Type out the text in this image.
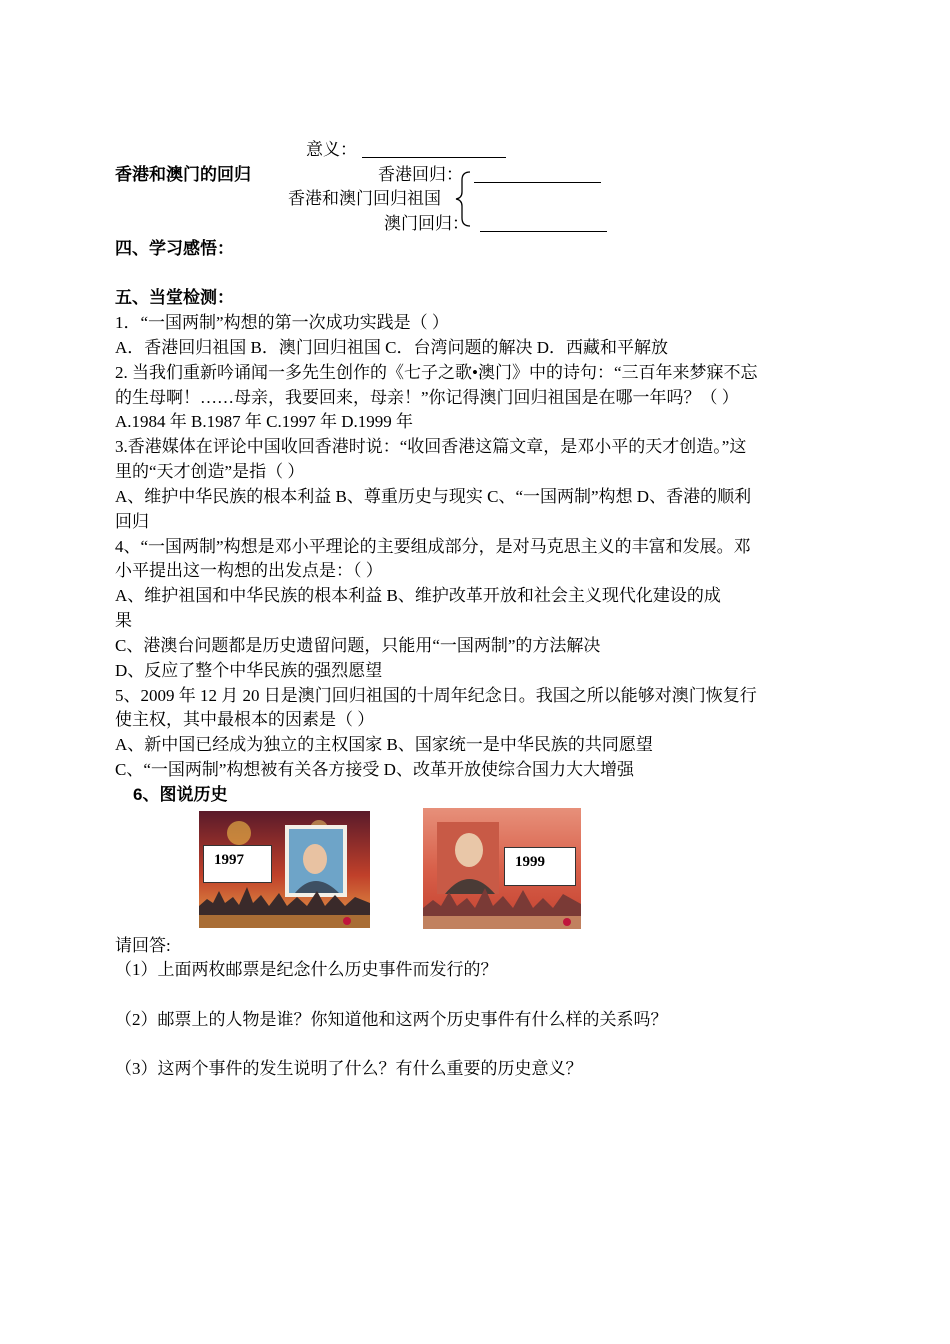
意义：
香港和澳门的回归	香港回归：
香港和澳门回归祖国
澳门回归：
四、学习感悟：
五、当堂检测：
1．“一国两制”构想的第一次成功实践是（ ）
A．香港回归祖国 B．澳门回归祖国 C．台湾问题的解决 D．西藏和平解放
2. 当我们重新吟诵闻一多先生创作的《七子之歌•澳门》中的诗句：“三百年来梦寐不忘
的生母啊！……母亲，我要回来，母亲！”你记得澳门回归祖国是在哪一年吗？（ ）
A.1984 年 B.1987 年 C.1997 年 D.1999 年
3.香港媒体在评论中国收回香港时说：“收回香港这篇文章，是邓小平的天才创造。”这
里的“天才创造”是指（ ）
A、维护中华民族的根本利益 B、尊重历史与现实 C、“一国两制”构想 D、香港的顺利
回归
4、“一国两制”构想是邓小平理论的主要组成部分，是对马克思主义的丰富和发展。邓
小平提出这一构想的出发点是：（ ）
A、维护祖国和中华民族的根本利益 B、维护改革开放和社会主义现代化建设的成
果
C、港澳台问题都是历史遗留问题，只能用“一国两制”的方法解决
D、反应了整个中华民族的强烈愿望
5、2009 年 12 月 20 日是澳门回归祖国的十周年纪念日。我国之所以能够对澳门恢复行
使主权，其中最根本的因素是（ ）
A、新中国已经成为独立的主权国家 B、国家统一是中华民族的共同愿望
C、“一国两制”构想被有关各方接受 D、改革开放使综合国力大大增强
6、图说历史
1997	1999
请回答:
（1）上面两枚邮票是纪念什么历史事件而发行的？
（2）邮票上的人物是谁？你知道他和这两个历史事件有什么样的关系吗？
（3）这两个事件的发生说明了什么？有什么重要的历史意义？
